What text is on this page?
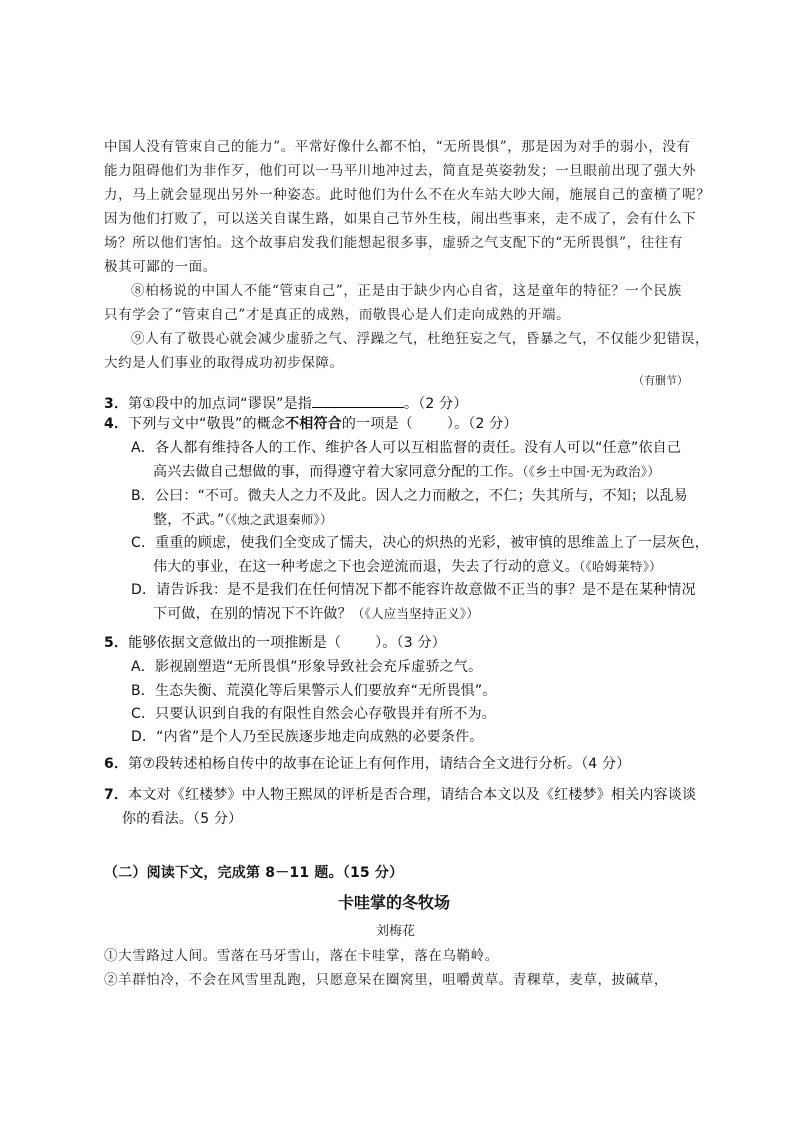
中国人没有管束自己的能力”。平常好像什么都不怕，“无所畏惧”，那是因为对手的弱小，没有
能力阻碍他们为非作歹，他们可以一马平川地冲过去，简直是英姿勃发；一旦眼前出现了强大外
力，马上就会显现出另外一种姿态。此时他们为什么不在火车站大吵大闹，施展自己的蛮横了呢？
因为他们打败了，可以送关自谋生路，如果自己节外生枝，闹出些事来，走不成了，会有什么下
场？所以他们害怕。这个故事启发我们能想起很多事，虚骄之气支配下的“无所畏惧”，往往有
极其可鄙的一面。
⑧柏杨说的中国人不能“管束自己”，正是由于缺少内心自省，这是童年的特征？一个民族
只有学会了“管束自己”才是真正的成熟，而敬畏心是人们走向成熟的开端。
⑨人有了敬畏心就会减少虚骄之气、浮躁之气，杜绝狂妄之气，昏暴之气，不仅能少犯错误，
大约是人们事业的取得成功初步保障。
（有删节）
3．第①段中的加点词“谬误”是指	。（2 分）
4．下列与文中“敬畏”的概念不相符合的一项是（ ）。（2 分）
A．各人都有维持各人的工作、维护各人可以互相监督的责任。没有人可以“任意”依自己
高兴去做自己想做的事，而得遵守着大家同意分配的工作。（《乡土中国·无为政治》）
B．公曰：“不可。微夫人之力不及此。因人之力而敝之，不仁；失其所与，不知；以乱易
整，不武。”（《烛之武退秦师》）
C．重重的顾虑，使我们全变成了懦夫，决心的炽热的光彩，被审慎的思维盖上了一层灰色，
伟大的事业，在这一种考虑之下也会逆流而退，失去了行动的意义。（《哈姆莱特》）
D．请告诉我：是不是我们在任何情况下都不能容许故意做不正当的事？是不是在某种情况
下可做，在别的情况下不许做？（《人应当坚持正义》）
5．能够依据文意做出的一项推断是（ ）。（3 分）
A．影视剧塑造“无所畏惧”形象导致社会充斥虚骄之气。
B．生态失衡、荒漠化等后果警示人们要放弃“无所畏惧”。
C．只要认识到自我的有限性自然会心存敬畏并有所不为。
D．“内省”是个人乃至民族逐步地走向成熟的必要条件。
6．第⑦段转述柏杨自传中的故事在论证上有何作用，请结合全文进行分析。（4 分）
7．本文对《红楼梦》中人物王熙凤的评析是否合理，请结合本文以及《红楼梦》相关内容谈谈
你的看法。（5 分）
（二）阅读下文，完成第 8－11 题。（15 分）
卡哇掌的冬牧场
刘梅花
①大雪路过人间。雪落在马牙雪山，落在卡哇掌，落在乌鞘岭。
②羊群怕冷，不会在风雪里乱跑，只愿意呆在圈窝里，咀嚼黄草。青稞草，麦草，披碱草，
